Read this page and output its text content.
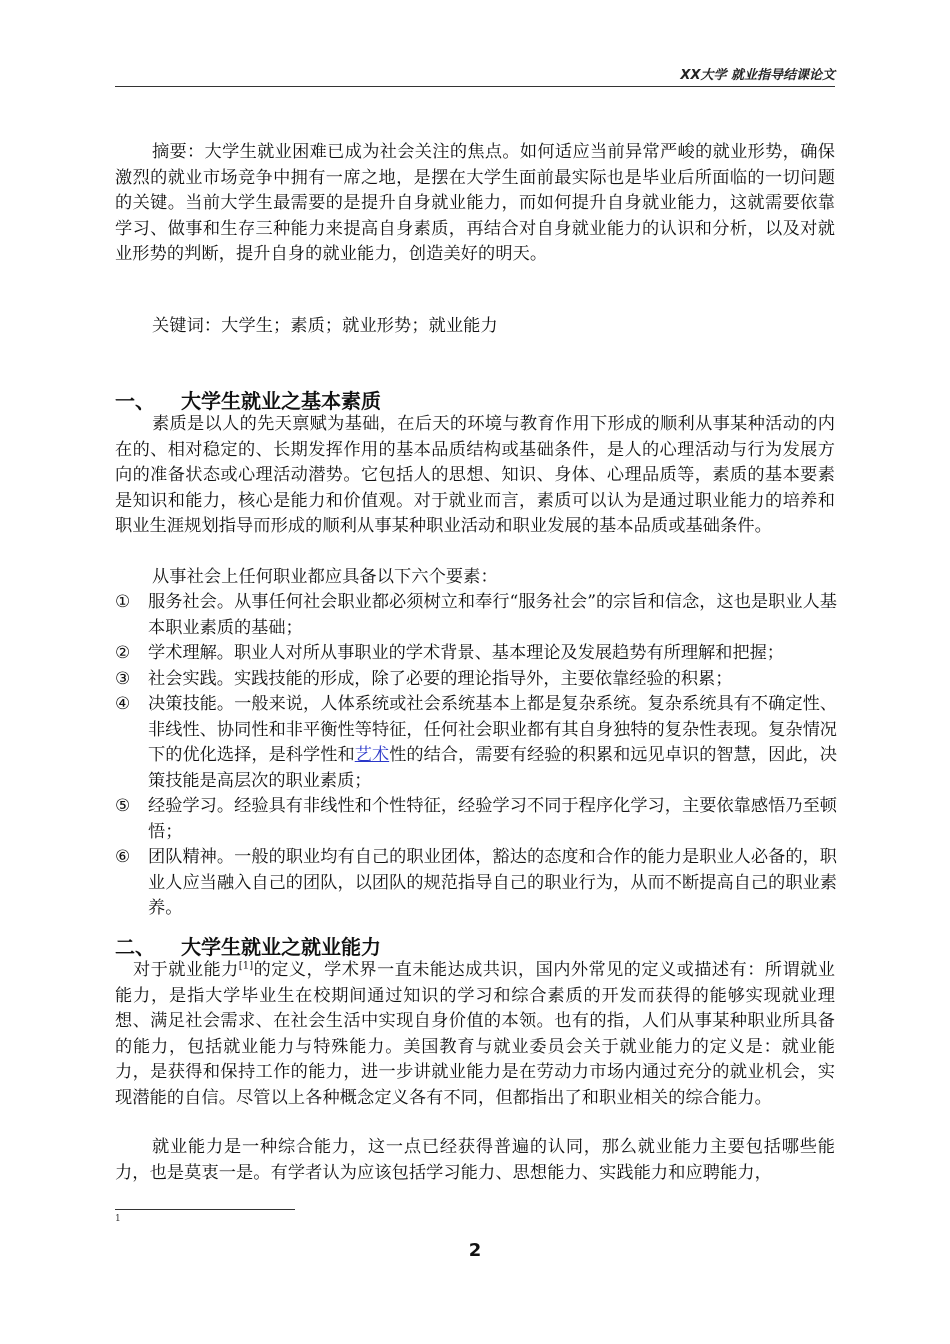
XX大学 就业指导结课论文
摘要：大学生就业困难已成为社会关注的焦点。如何适应当前异常严峻的就业形势，确保激烈的就业市场竞争中拥有一席之地，是摆在大学生面前最实际也是毕业后所面临的一切问题的关键。当前大学生最需要的是提升自身就业能力，而如何提升自身就业能力，这就需要依靠学习、做事和生存三种能力来提高自身素质，再结合对自身就业能力的认识和分析，以及对就业形势的判断，提升自身的就业能力，创造美好的明天。
关键词：大学生；素质；就业形势；就业能力
一、 大学生就业之基本素质
素质是以人的先天禀赋为基础，在后天的环境与教育作用下形成的顺利从事某种活动的内在的、相对稳定的、长期发挥作用的基本品质结构或基础条件，是人的心理活动与行为发展方向的准备状态或心理活动潜势。它包括人的思想、知识、身体、心理品质等，素质的基本要素是知识和能力，核心是能力和价值观。对于就业而言，素质可以认为是通过职业能力的培养和职业生涯规划指导而形成的顺利从事某种职业活动和职业发展的基本品质或基础条件。
从事社会上任何职业都应具备以下六个要素：
① 服务社会。从事任何社会职业都必须树立和奉行“服务社会”的宗旨和信念，这也是职业人基本职业素质的基础；
② 学术理解。职业人对所从事职业的学术背景、基本理论及发展趋势有所理解和把握；
③ 社会实践。实践技能的形成，除了必要的理论指导外，主要依靠经验的积累；
④ 决策技能。一般来说，人体系统或社会系统基本上都是复杂系统。复杂系统具有不确定性、非线性、协同性和非平衡性等特征，任何社会职业都有其自身独特的复杂性表现。复杂情况下的优化选择，是科学性和艺术性的结合，需要有经验的积累和远见卓识的智慧，因此，决策技能是高层次的职业素质；
⑤ 经验学习。经验具有非线性和个性特征，经验学习不同于程序化学习，主要依靠感悟乃至顿悟；
⑥ 团队精神。一般的职业均有自己的职业团体，豁达的态度和合作的能力是职业人必备的，职业人应当融入自己的团队，以团队的规范指导自己的职业行为，从而不断提高自己的职业素养。
二、 大学生就业之就业能力
对于就业能力[1]的定义，学术界一直未能达成共识，国内外常见的定义或描述有：所谓就业能力，是指大学毕业生在校期间通过知识的学习和综合素质的开发而获得的能够实现就业理想、满足社会需求、在社会生活中实现自身价值的本领。也有的指，人们从事某种职业所具备的能力，包括就业能力与特殊能力。美国教育与就业委员会关于就业能力的定义是：就业能力，是获得和保持工作的能力，进一步讲就业能力是在劳动力市场内通过充分的就业机会，实现潜能的自信。尽管以上各种概念定义各有不同，但都指出了和职业相关的综合能力。
就业能力是一种综合能力，这一点已经获得普遍的认同，那么就业能力主要包括哪些能力，也是莫衷一是。有学者认为应该包括学习能力、思想能力、实践能力和应聘能力，
1
2
